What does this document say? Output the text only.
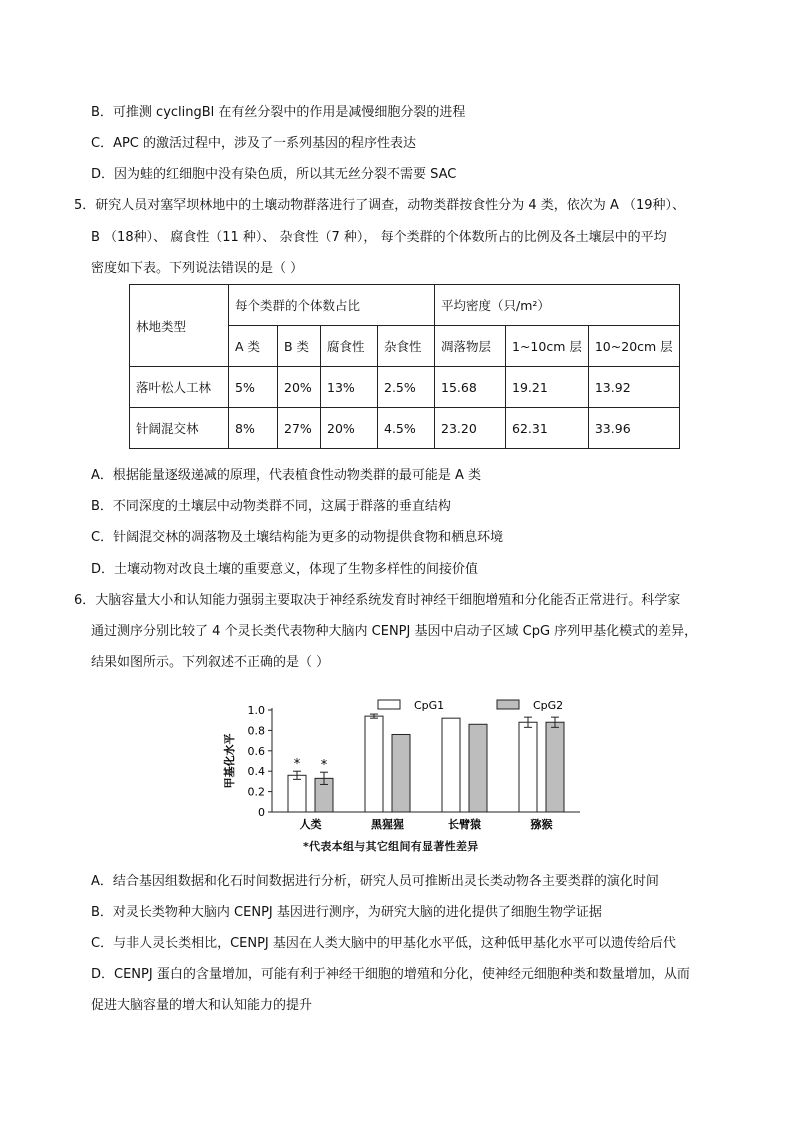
B．可推测 cyclingBl 在有丝分裂中的作用是减慢细胞分裂的进程
C．APC 的激活过程中，涉及了一系列基因的程序性表达
D．因为蛙的红细胞中没有染色质，所以其无丝分裂不需要 SAC
5．研究人员对塞罕坝林地中的土壤动物群落进行了调查，动物类群按食性分为 4 类，依次为 A （19种）、
B （18种）、 腐食性（11 种）、 杂食性（7 种）， 每个类群的个体数所占的比例及各土壤层中的平均
密度如下表。下列说法错误的是（ ）
林地类型	每个类群的个体数占比				平均密度（只/m²）		
	A 类	B 类	腐食性	杂食性	凋落物层	1~10cm 层	10~20cm 层
落叶松人工林	5%	20%	13%	2.5%	15.68	19.21	13.92
针阔混交林	8%	27%	20%	4.5%	23.20	62.31	33.96
A．根据能量逐级递减的原理，代表植食性动物类群的最可能是 A 类
B．不同深度的土壤层中动物类群不同，这属于群落的垂直结构
C．针阔混交林的凋落物及土壤结构能为更多的动物提供食物和栖息环境
D．土壤动物对改良土壤的重要意义，体现了生物多样性的间接价值
6．大脑容量大小和认知能力强弱主要取决于神经系统发育时神经干细胞增殖和分化能否正常进行。科学家
通过测序分别比较了 4 个灵长类代表物种大脑内 CENPJ 基因中启动子区域 CpG 序列甲基化模式的差异，
结果如图所示。下列叙述不正确的是（ ）
0
0.2
0.4
0.6
0.8
1.0
甲基化水平	* *
人类	黑猩猩	长臂猿	猕猴
CpG1	CpG2
*代表本组与其它组间有显著性差异
A．结合基因组数据和化石时间数据进行分析，研究人员可推断出灵长类动物各主要类群的演化时间
B．对灵长类物种大脑内 CENPJ 基因进行测序，为研究大脑的进化提供了细胞生物学证据
C．与非人灵长类相比，CENPJ 基因在人类大脑中的甲基化水平低，这种低甲基化水平可以遗传给后代
D．CENPJ 蛋白的含量增加，可能有利于神经干细胞的增殖和分化，使神经元细胞种类和数量增加，从而
促进大脑容量的增大和认知能力的提升
